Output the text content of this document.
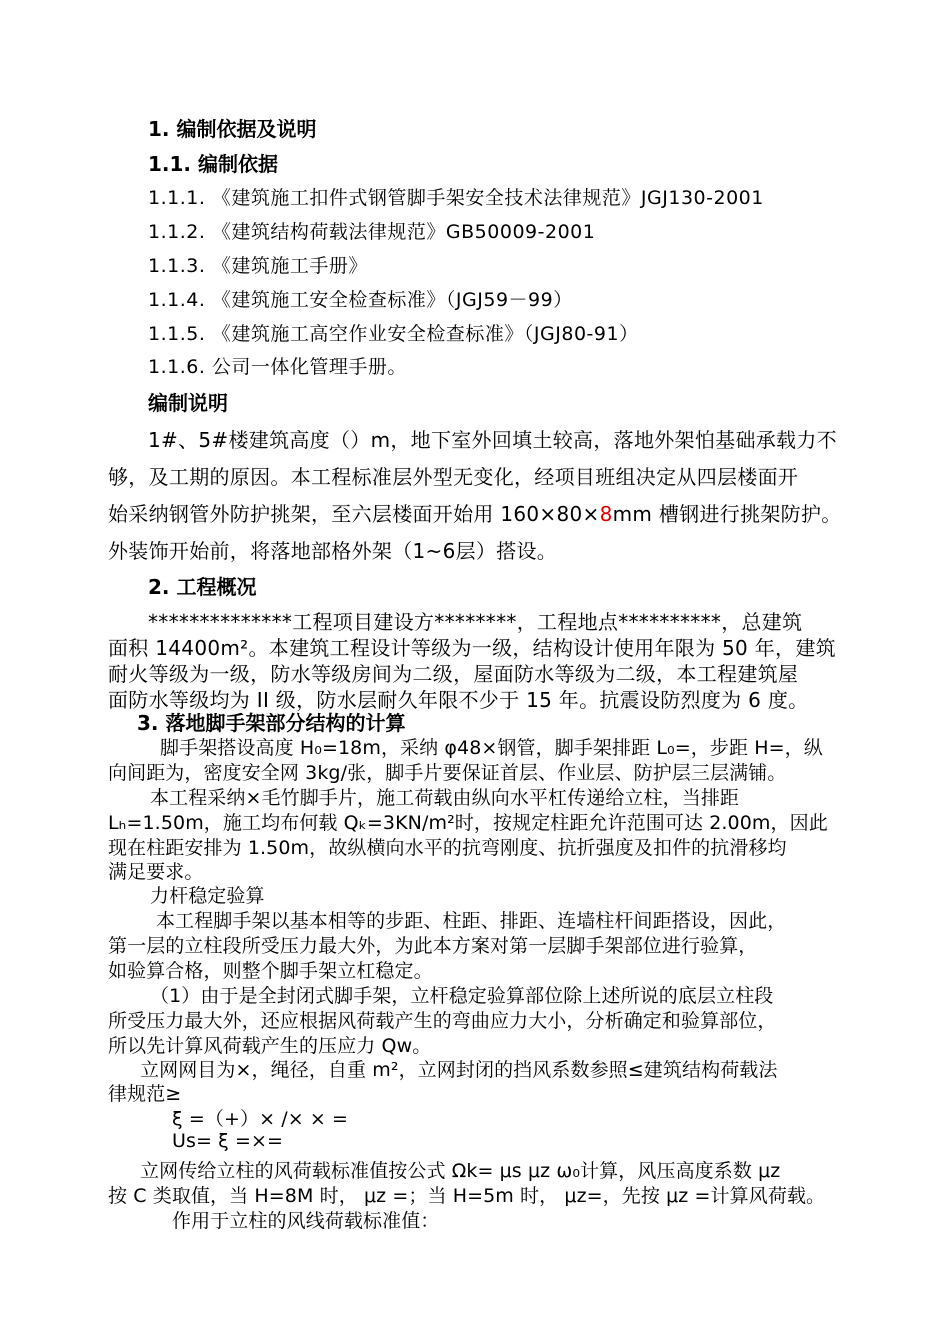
1. 编制依据及说明
1.1. 编制依据
1.1.1. 《建筑施工扣件式钢管脚手架安全技术法律规范》JGJ130-2001
1.1.2. 《建筑结构荷载法律规范》GB50009-2001
1.1.3. 《建筑施工手册》
1.1.4. 《建筑施工安全检查标准》（JGJ59－99）
1.1.5. 《建筑施工高空作业安全检查标准》（JGJ80-91）
1.1.6. 公司一体化管理手册。
编制说明
1#、5#楼建筑高度（）m，地下室外回填土较高，落地外架怕基础承载力不
够，及工期的原因。本工程标准层外型无变化，经项目班组决定从四层楼面开
始采纳钢管外防护挑架，至六层楼面开始用 160×80×8mm 槽钢进行挑架防护。
外装饰开始前，将落地部格外架（1~6层）搭设。
2. 工程概况
**************工程项目建设方********，工程地点**********，总建筑
面积 14400m²。本建筑工程设计等级为一级，结构设计使用年限为 50 年，建筑
耐火等级为一级，防水等级房间为二级，屋面防水等级为二级，本工程建筑屋
面防水等级均为 II 级，防水层耐久年限不少于 15 年。抗震设防烈度为 6 度。
3. 落地脚手架部分结构的计算
脚手架搭设高度 H₀=18m，采纳 φ48×钢管，脚手架排距 L₀=，步距 H=，纵
向间距为，密度安全网 3kg/张，脚手片要保证首层、作业层、防护层三层满铺。
本工程采纳×毛竹脚手片，施工荷载由纵向水平杠传递给立柱，当排距
Lₕ=1.50m，施工均布何载 Qₖ=3KN/m²时，按规定柱距允许范围可达 2.00m，因此
现在柱距安排为 1.50m，故纵横向水平的抗弯刚度、抗折强度及扣件的抗滑移均
满足要求。
力杆稳定验算
本工程脚手架以基本相等的步距、柱距、排距、连墙柱杆间距搭设，因此，
第一层的立柱段所受压力最大外，为此本方案对第一层脚手架部位进行验算，
如验算合格，则整个脚手架立杠稳定。
（1）由于是全封闭式脚手架，立杆稳定验算部位除上述所说的底层立柱段
所受压力最大外，还应根据风荷载产生的弯曲应力大小，分析确定和验算部位，
所以先计算风荷载产生的压应力 Qw。
立网网目为×，绳径，自重 m²，立网封闭的挡风系数参照≤建筑结构荷载法
律规范≥
ξ =（+）× /× × =
Us= ξ =×=
立网传给立柱的风荷载标准值按公式 Ωk= μs μz ω₀计算，风压高度系数 μz
按 C 类取值，当 H=8M 时， μz =；当 H=5m 时， μz=，先按 μz =计算风荷载。
作用于立柱的风线荷载标准值：
